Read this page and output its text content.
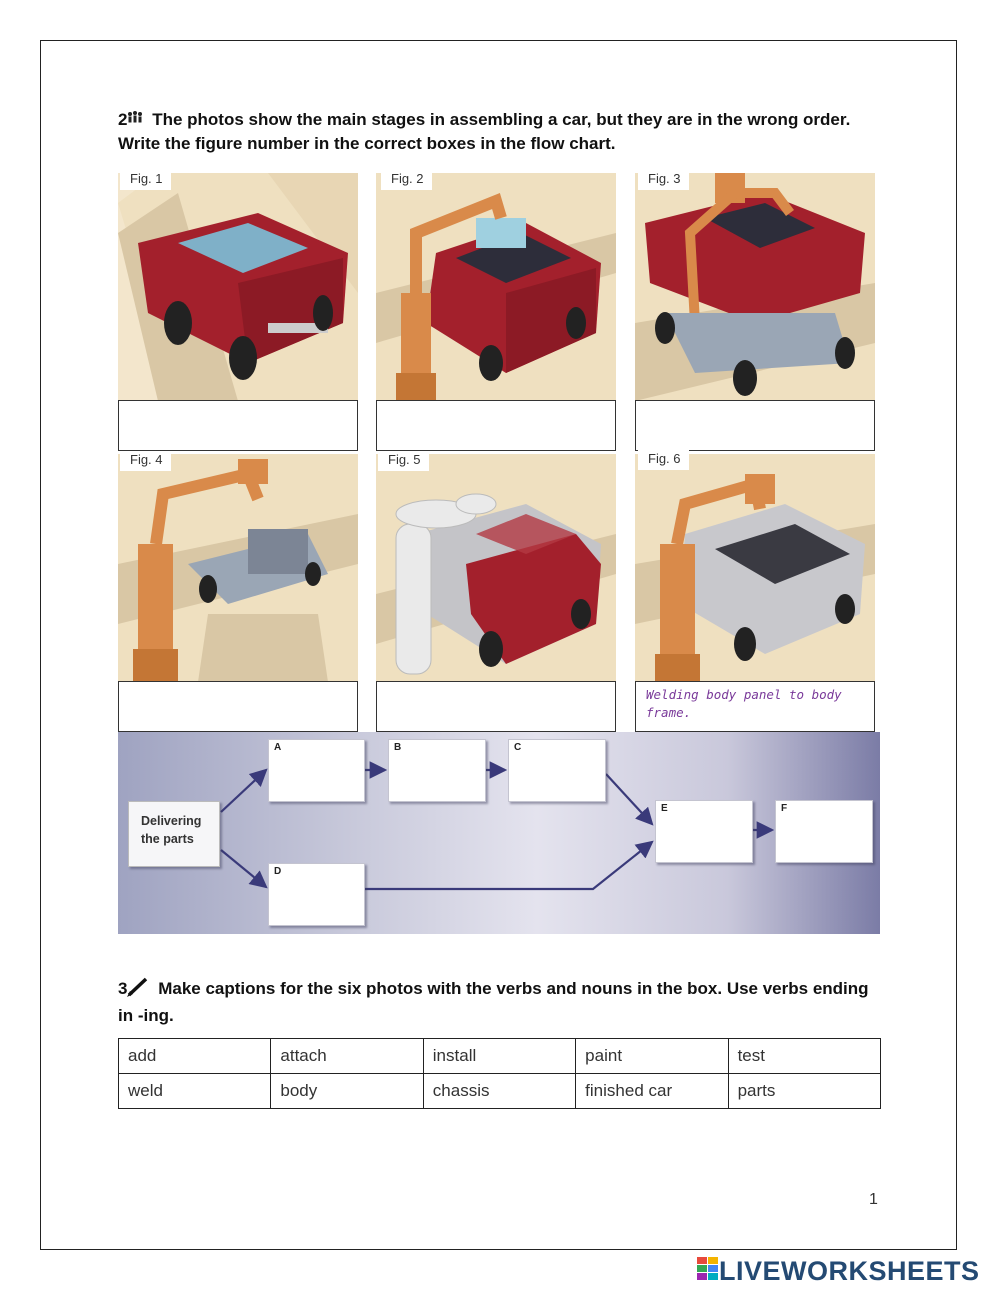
2 The photos show the main stages in assembling a car, but they are in the wrong order. Write the figure number in the correct boxes in the flow chart.
Fig. 1	Fig. 2	Fig. 3
Fig. 4	Fig. 5	Fig. 6
Welding body panel to body frame.
Delivering the parts
A	B	C
D
E	F
3 Make captions for the six photos with the verbs and nouns in the box. Use verbs ending in -ing.
add	attach	install	paint	test
weld	body	chassis	finished car	parts
1
LIVEWORKSHEETS
